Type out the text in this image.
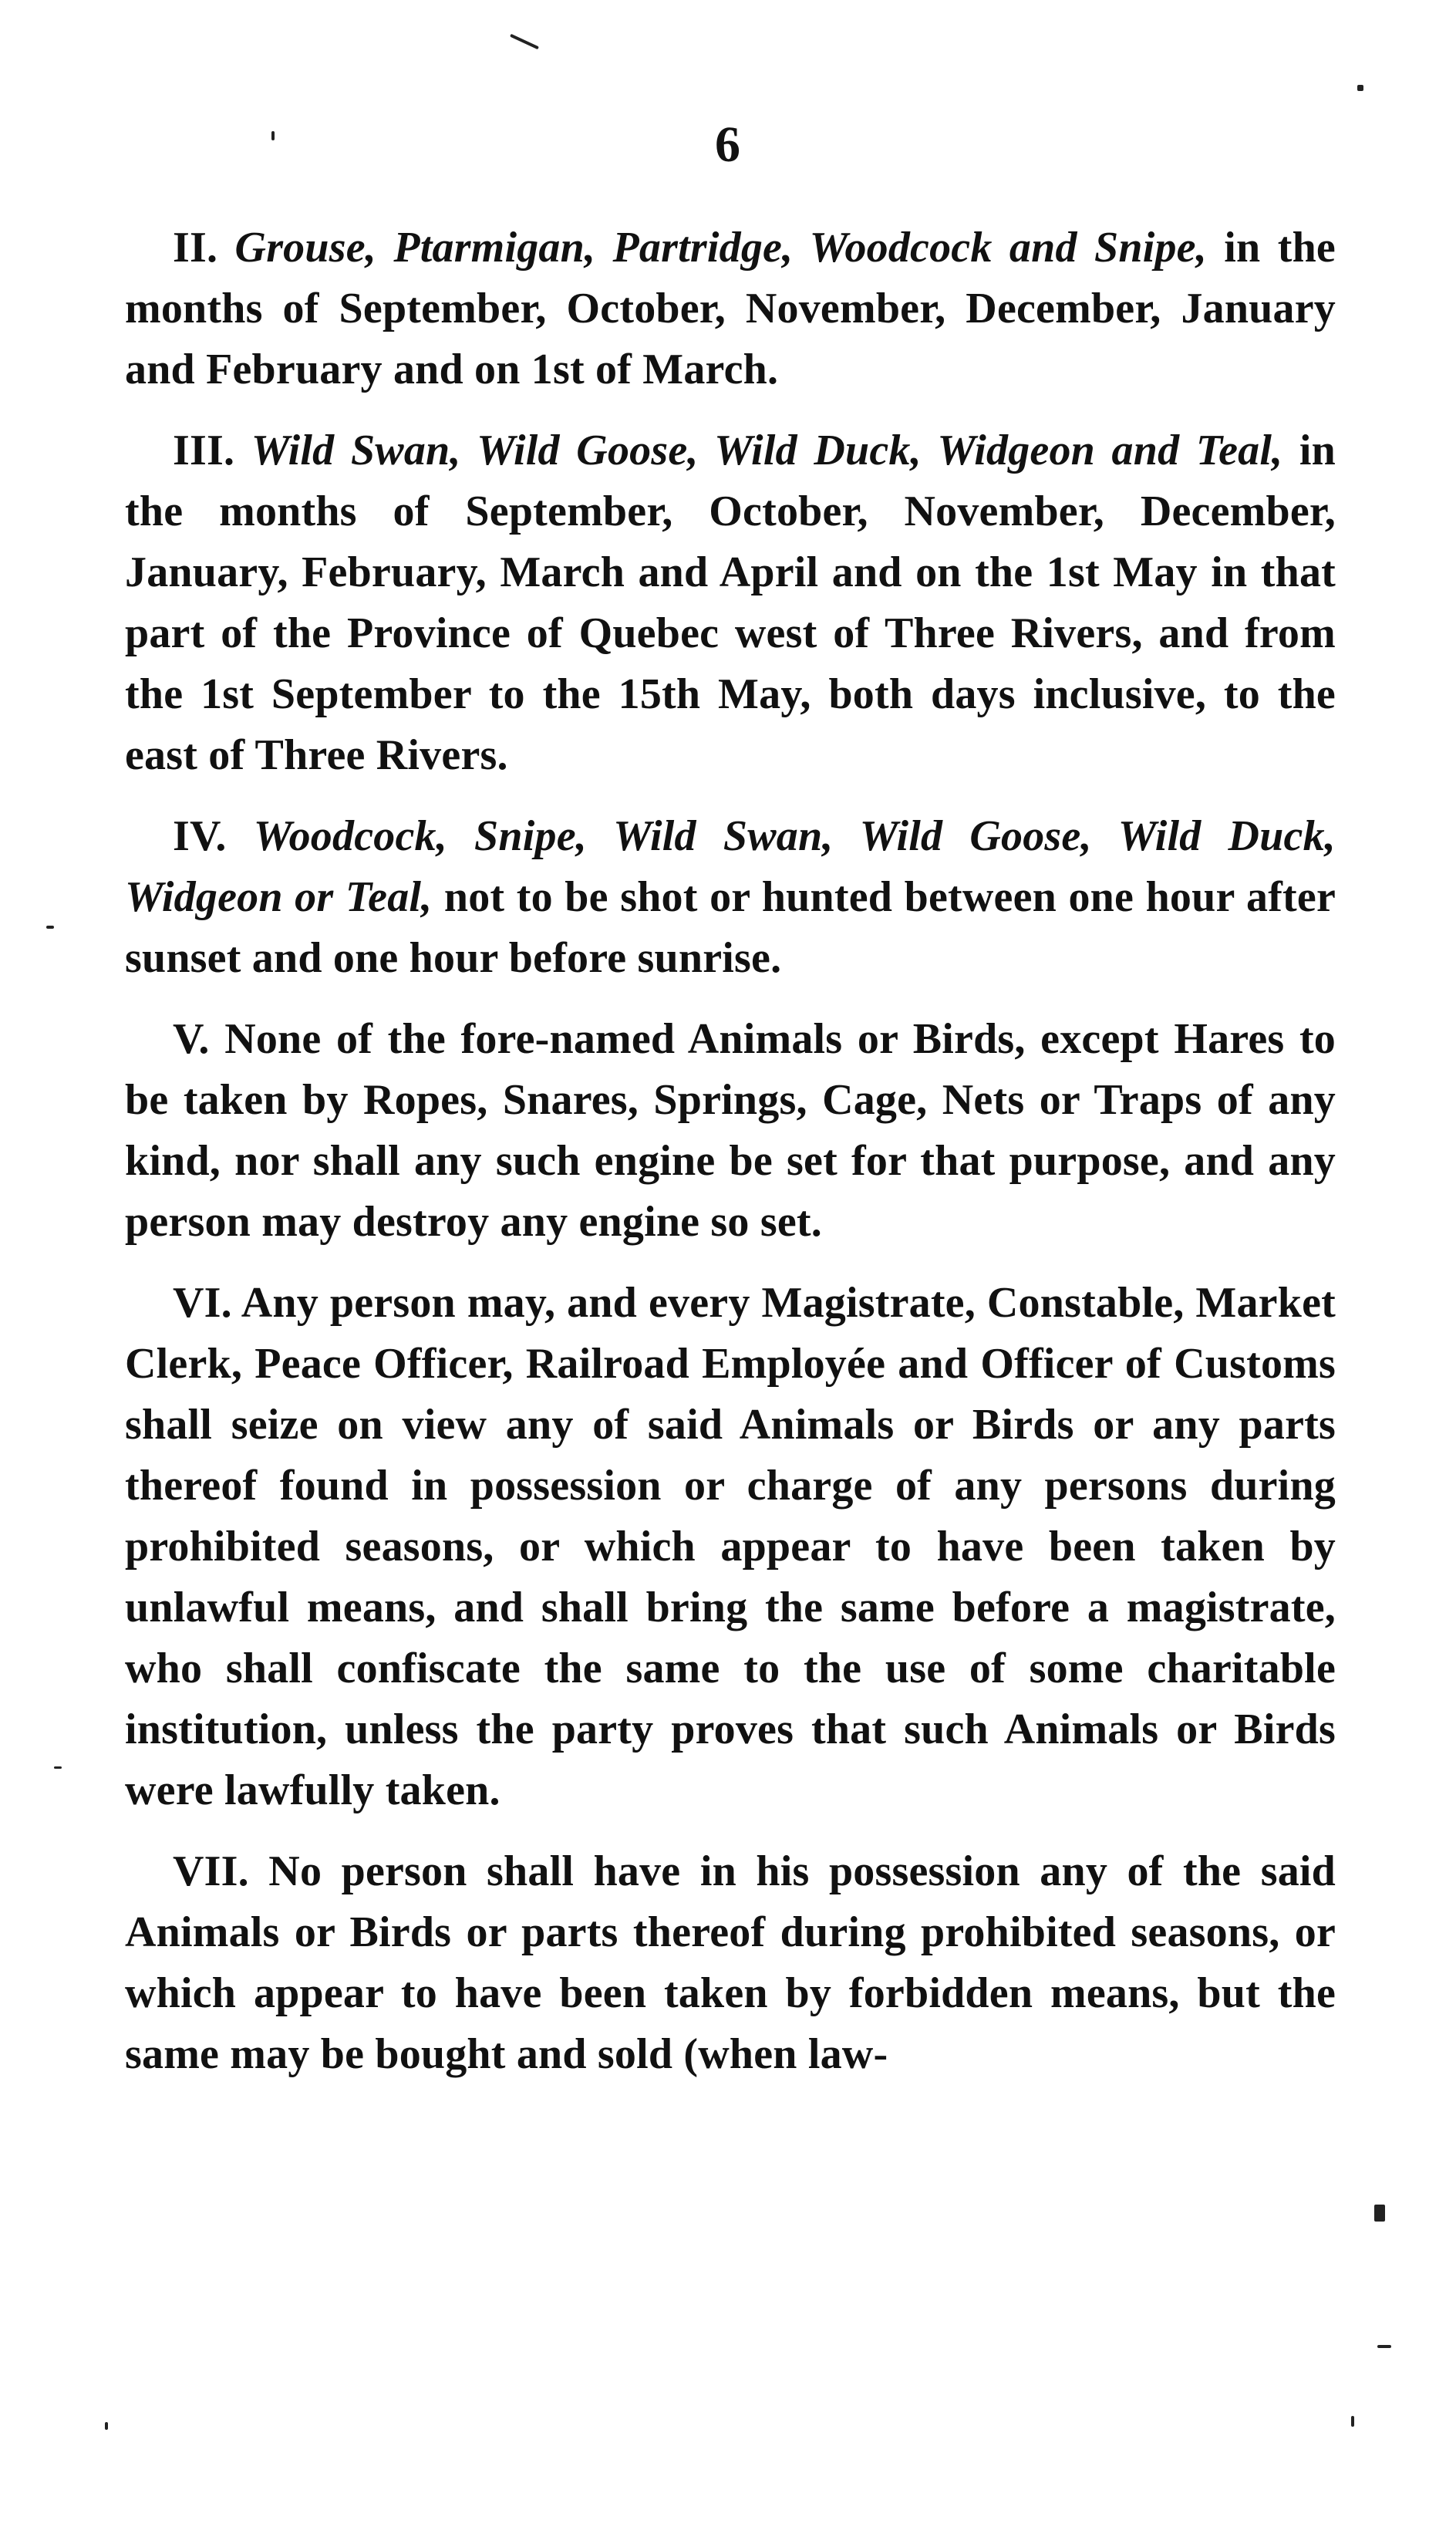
6

II. Grouse, Ptarmigan, Partridge, Woodcock and Snipe, in the months of September, October, November, December, January and February and on 1st of March.

III. Wild Swan, Wild Goose, Wild Duck, Widgeon and Teal, in the months of September, October, November, December, January, February, March and April and on the 1st May in that part of the Province of Quebec west of Three Rivers, and from the 1st September to the 15th May, both days inclusive, to the east of Three Rivers.

IV. Woodcock, Snipe, Wild Swan, Wild Goose, Wild Duck, Widgeon or Teal, not to be shot or hunted between one hour after sunset and one hour before sunrise.

V. None of the fore-named Animals or Birds, except Hares to be taken by Ropes, Snares, Springs, Cage, Nets or Traps of any kind, nor shall any such engine be set for that purpose, and any person may destroy any engine so set.

VI. Any person may, and every Magistrate, Constable, Market Clerk, Peace Officer, Railroad Employée and Officer of Customs shall seize on view any of said Animals or Birds or any parts thereof found in possession or charge of any persons during prohibited seasons, or which appear to have been taken by unlawful means, and shall bring the same before a magistrate, who shall confiscate the same to the use of some charitable institution, unless the party proves that such Animals or Birds were lawfully taken.

VII. No person shall have in his possession any of the said Animals or Birds or parts thereof during prohibited seasons, or which appear to have been taken by forbidden means, but the same may be bought and sold (when law-
